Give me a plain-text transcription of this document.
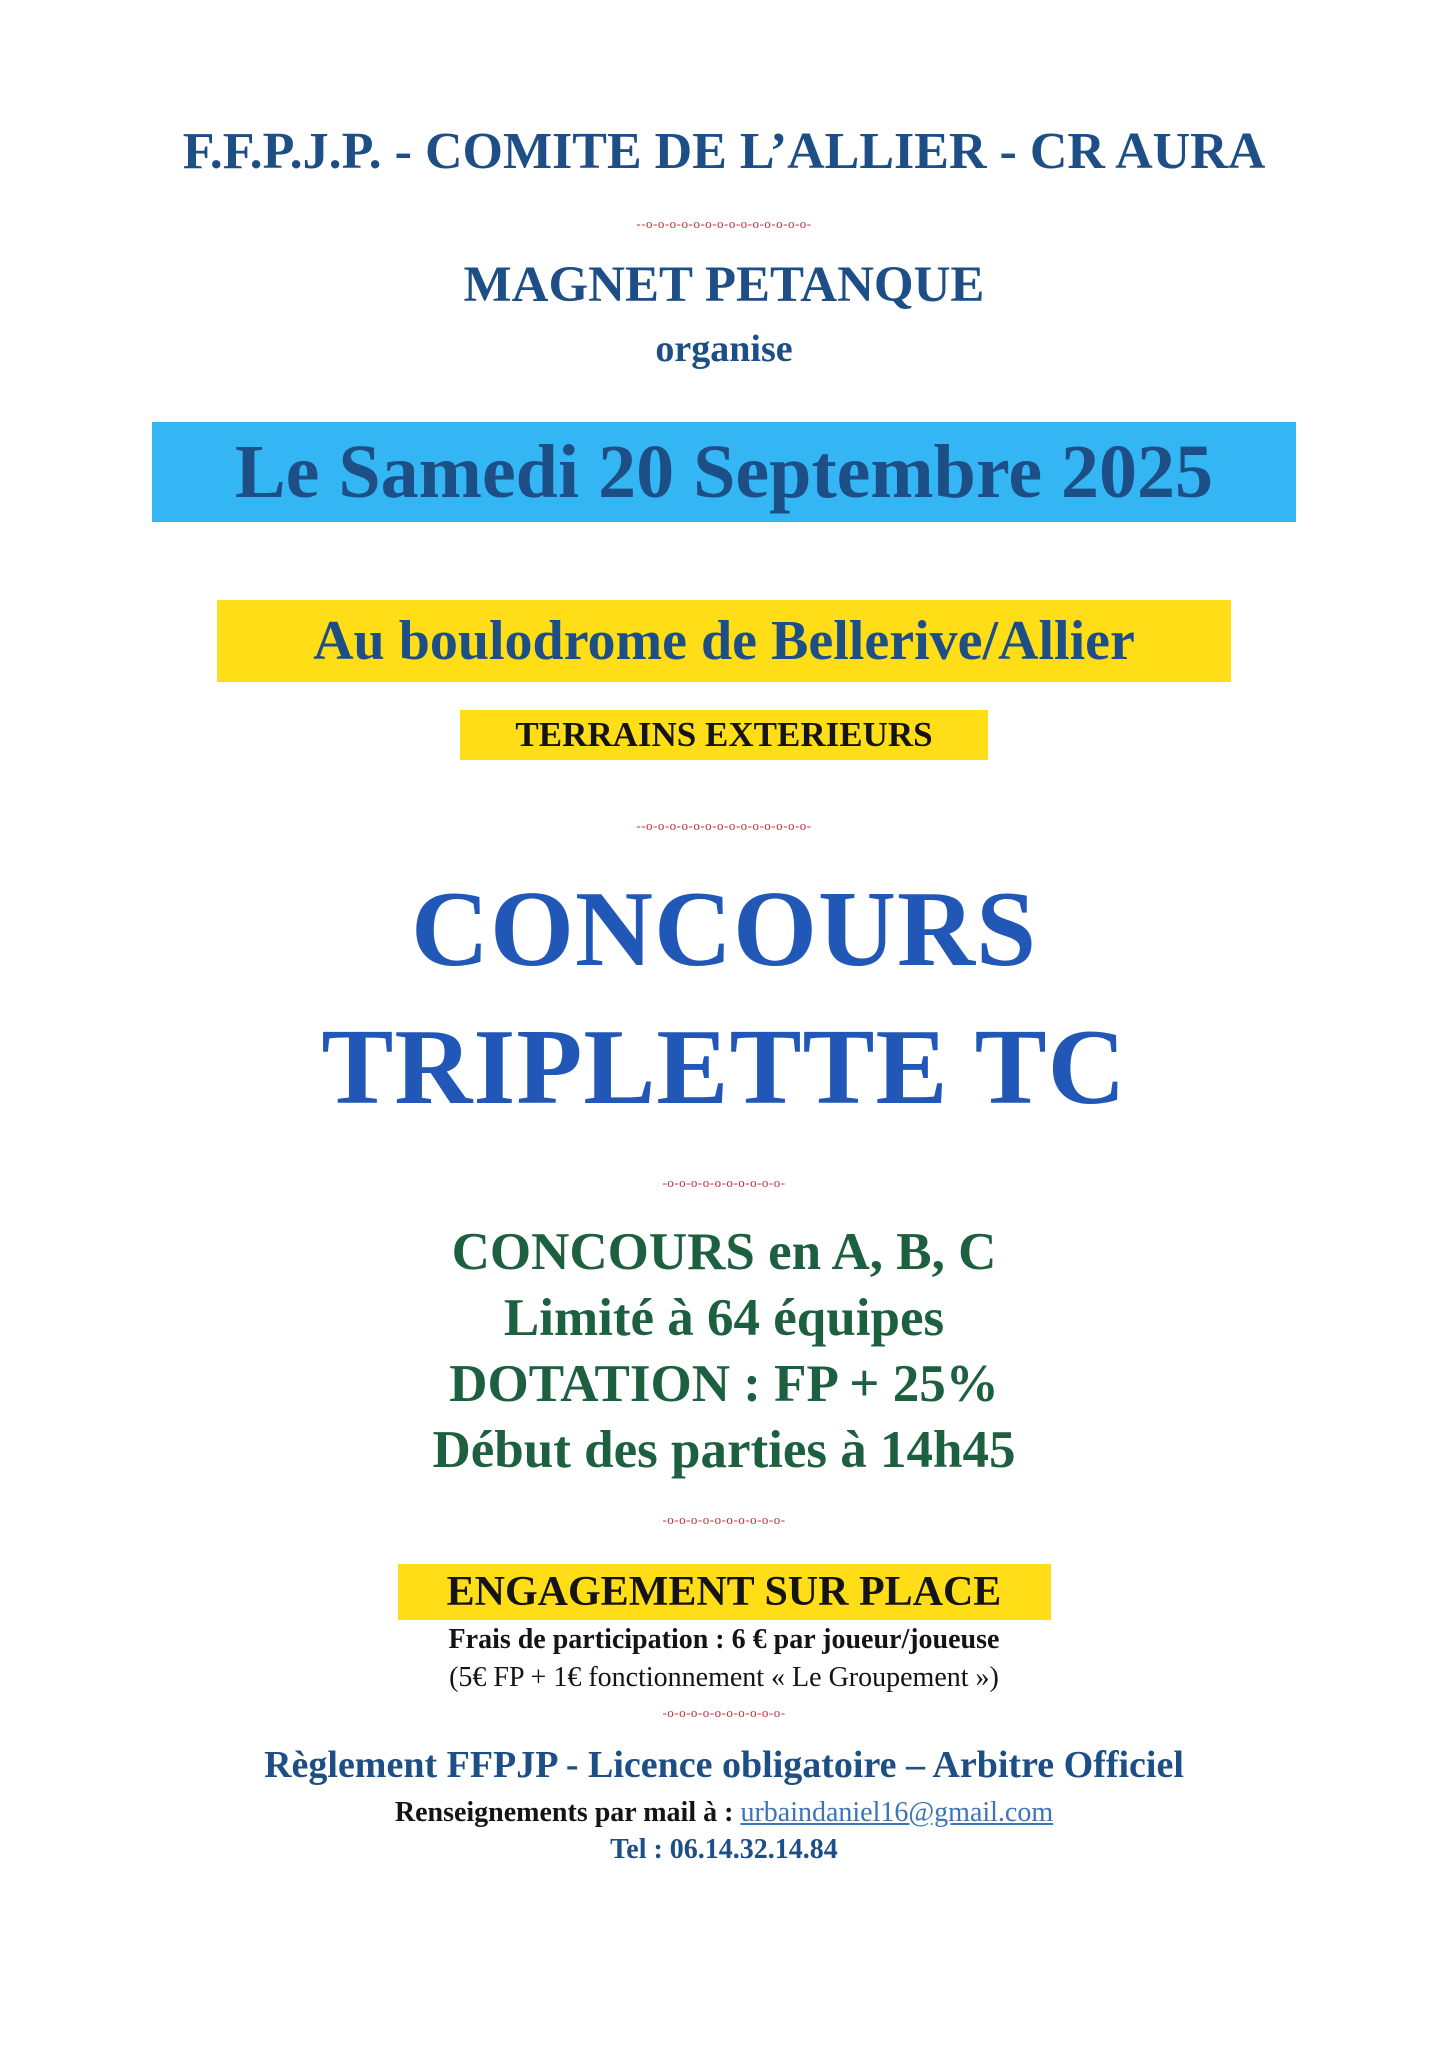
F.F.P.J.P. - COMITE DE L’ALLIER - CR AURA
--o-o-o-o-o-o-o-o-o-o-o-o-o-o-
MAGNET PETANQUE
organise
Le Samedi 20 Septembre 2025
Au boulodrome de Bellerive/Allier
TERRAINS EXTERIEURS
--o-o-o-o-o-o-o-o-o-o-o-o-o-o-
CONCOURS
TRIPLETTE TC
-o-o-o-o-o-o-o-o-o-o-
CONCOURS en A, B, C
Limité à 64 équipes
DOTATION : FP + 25%
Début des parties à 14h45
-o-o-o-o-o-o-o-o-o-o-
ENGAGEMENT SUR PLACE
Frais de participation : 6 € par joueur/joueuse
(5€ FP + 1€ fonctionnement « Le Groupement »)
-o-o-o-o-o-o-o-o-o-o-
Règlement FFPJP - Licence obligatoire – Arbitre Officiel
Renseignements par mail à : urbaindaniel16@gmail.com
Tel : 06.14.32.14.84
